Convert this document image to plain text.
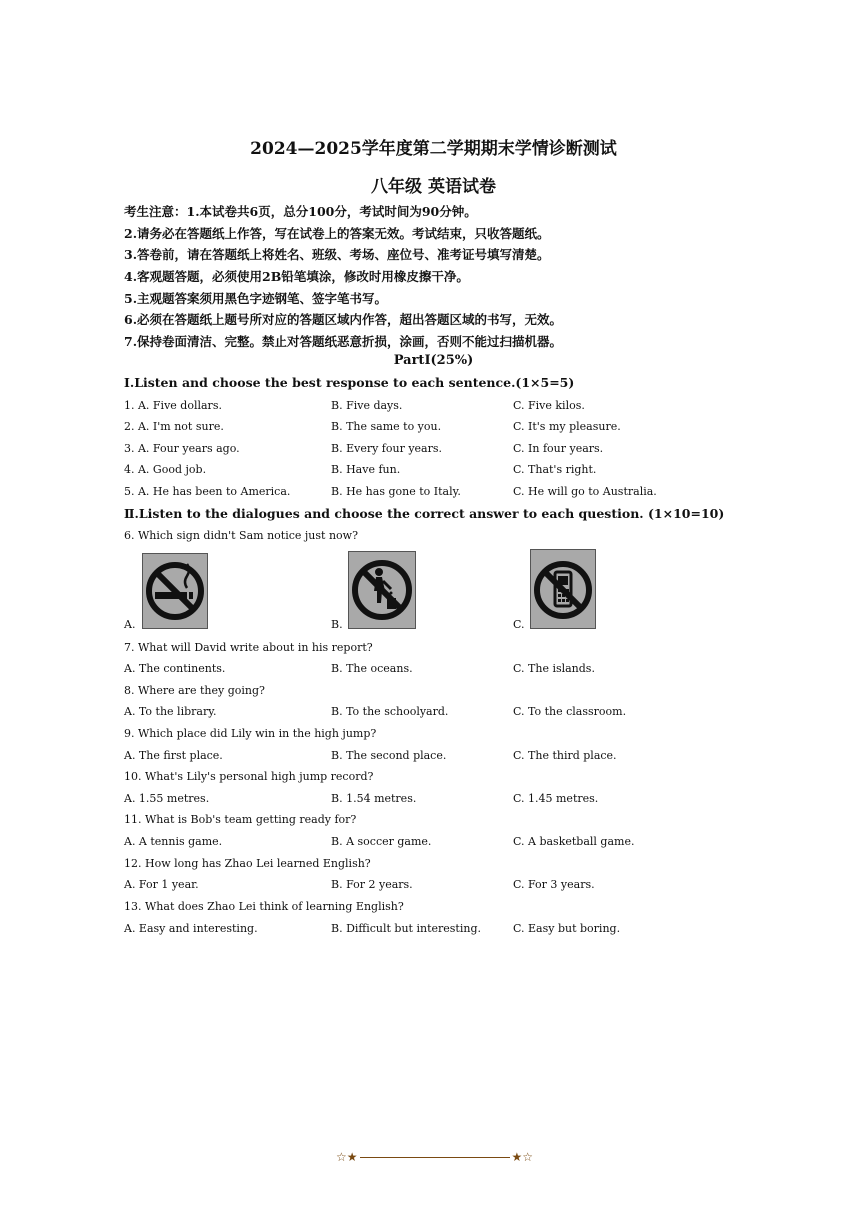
2024—2025学年度第二学期期末学情诊断测试
八年级 英语试卷
考生注意：1.本试卷共6页，总分100分，考试时间为90分钟。
2.请务必在答题纸上作答，写在试卷上的答案无效。考试结束，只收答题纸。
3.答卷前，请在答题纸上将姓名、班级、考场、座位号、准考证号填写清楚。
4.客观题答题，必须使用2B铅笔填涂，修改时用橡皮擦干净。
5.主观题答案须用黑色字迹钢笔、签字笔书写。
6.必须在答题纸上题号所对应的答题区域内作答，超出答题区域的书写，无效。
7.保持卷面清洁、完整。禁止对答题纸恶意折损，涂画，否则不能过扫描机器。
PartⅠ(25%)
Ⅰ.Listen and choose the best response to each sentence.(1×5=5)
1. A. Five dollars.	B. Five days.	C. Five kilos.
2. A. I'm not sure.	B. The same to you.	C. It's my pleasure.
3. A. Four years ago.	B. Every four years.	C. In four years.
4. A. Good job.	B. Have fun.	C. That's right.
5. A. He has been to America.	B. He has gone to Italy.	C. He will go to Australia.
Ⅱ.Listen to the dialogues and choose the correct answer to each question. (1×10=10)
6. Which sign didn't Sam notice just now?
A.	B.	C.
7. What will David write about in his report?
A. The continents.	B. The oceans.	C. The islands.
8. Where are they going?
A. To the library.	B. To the schoolyard.	C. To the classroom.
9. Which place did Lily win in the high jump?
A. The first place.	B. The second place.	C. The third place.
10. What's Lily's personal high jump record?
A. 1.55 metres.	B. 1.54 metres.	C. 1.45 metres.
11. What is Bob's team getting ready for?
A. A tennis game.	B. A soccer game.	C. A basketball game.
12. How long has Zhao Lei learned English?
A. For 1 year.	B. For 2 years.	C. For 3 years.
13. What does Zhao Lei think of learning English?
A. Easy and interesting.	B. Difficult but interesting.	C. Easy but boring.
☆★	★☆
